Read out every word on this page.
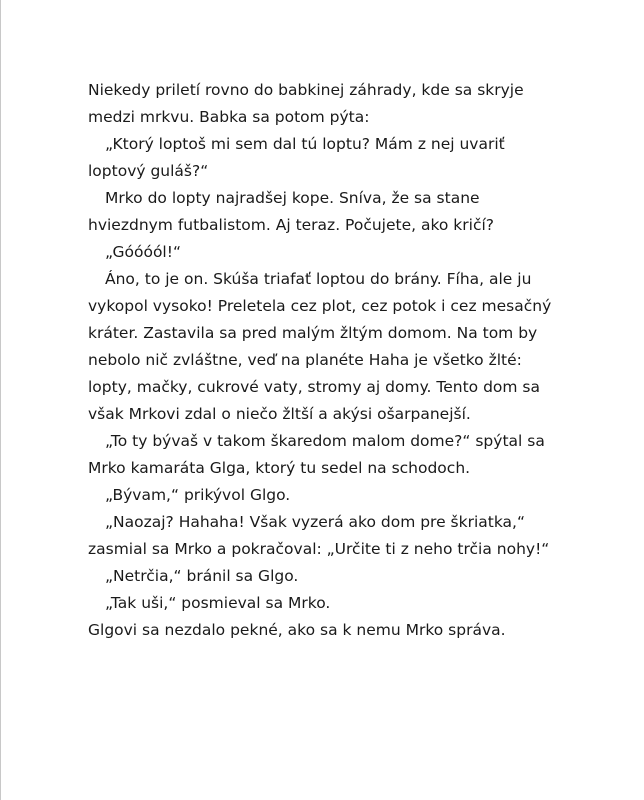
Niekedy priletí rovno do babkinej záhrady, kde sa skryje
medzi mrkvu. Babka sa potom pýta:

„Ktorý loptoš mi sem dal tú loptu? Mám z nej uvariť
loptový guláš?“

Mrko do lopty najradšej kope. Sníva, že sa stane
hviezdnym futbalistom. Aj teraz. Počujete, ako kričí?

„Góóóól!“

Áno, to je on. Skúša triafať loptou do brány. Fíha, ale ju
vykopol vysoko! Preletela cez plot, cez potok i cez mesačný
kráter. Zastavila sa pred malým žltým domom. Na tom by
nebolo nič zvláštne, veď na planéte Haha je všetko žlté:
lopty, mačky, cukrové vaty, stromy aj domy. Tento dom sa
však Mrkovi zdal o niečo žltší a akýsi ošarpanejší.

„To ty bývaš v takom škaredom malom dome?“ spýtal sa
Mrko kamaráta Glga, ktorý tu sedel na schodoch.

„Bývam,“ prikývol Glgo.

„Naozaj? Hahaha! Však vyzerá ako dom pre škriatka,“
zasmial sa Mrko a pokračoval: „Určite ti z neho trčia nohy!“

„Netrčia,“ bránil sa Glgo.

„Tak uši,“ posmieval sa Mrko.

Glgovi sa nezdalo pekné, ako sa k nemu Mrko správa.
